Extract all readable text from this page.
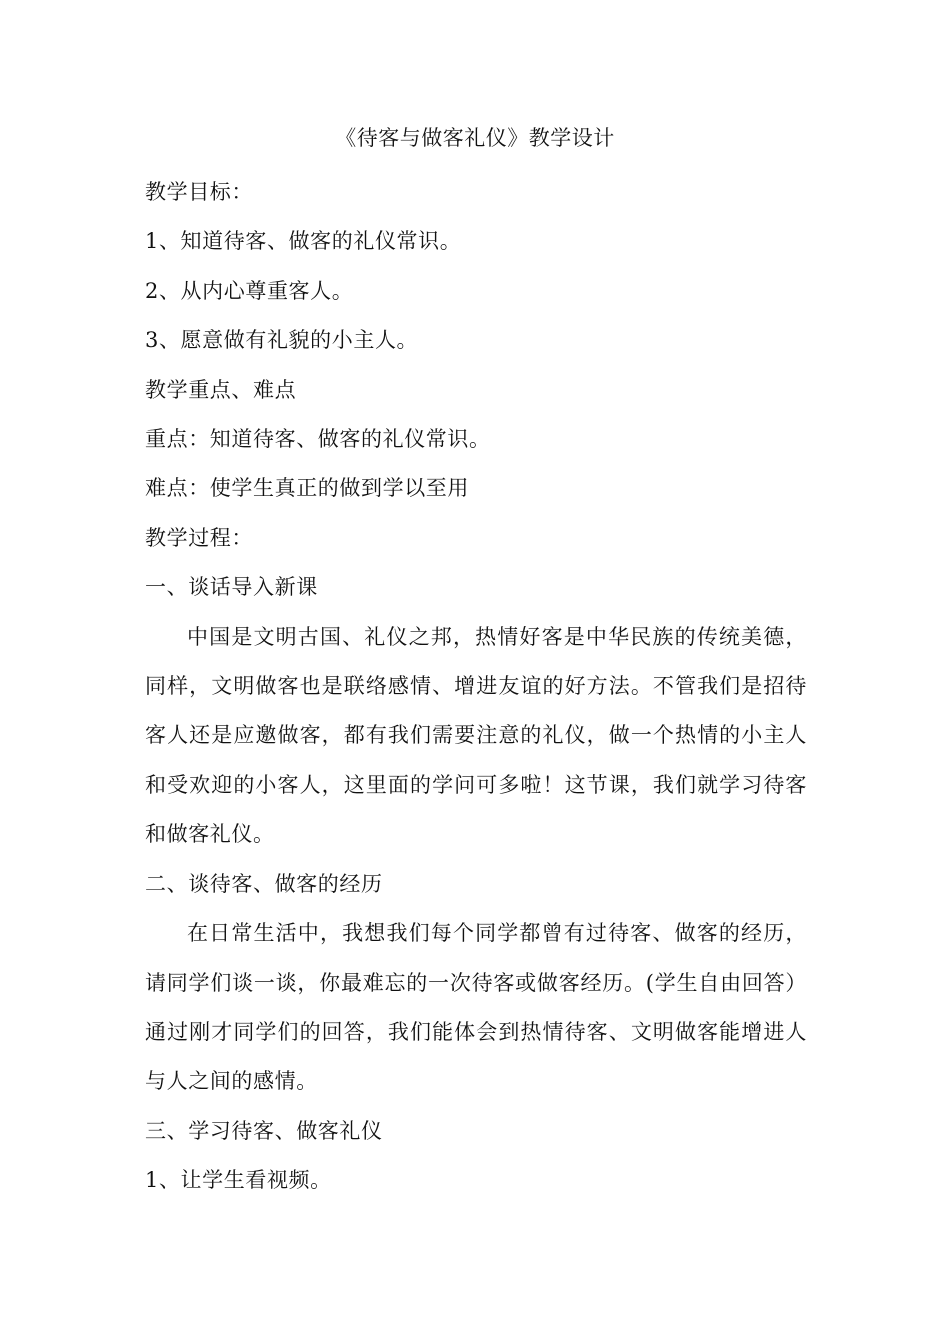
《待客与做客礼仪》教学设计

教学目标：

1、知道待客、做客的礼仪常识。

2、从内心尊重客人。

3、愿意做有礼貌的小主人。

教学重点、难点

重点：知道待客、做客的礼仪常识。

难点：使学生真正的做到学以至用

教学过程：

一、谈话导入新课

中国是文明古国、礼仪之邦，热情好客是中华民族的传统美德，同样，文明做客也是联络感情、增进友谊的好方法。不管我们是招待客人还是应邀做客，都有我们需要注意的礼仪，做一个热情的小主人和受欢迎的小客人，这里面的学问可多啦！这节课，我们就学习待客和做客礼仪。

二、谈待客、做客的经历

在日常生活中，我想我们每个同学都曾有过待客、做客的经历，请同学们谈一谈，你最难忘的一次待客或做客经历。(学生自由回答）通过刚才同学们的回答，我们能体会到热情待客、文明做客能增进人与人之间的感情。

三、学习待客、做客礼仪

1、让学生看视频。
